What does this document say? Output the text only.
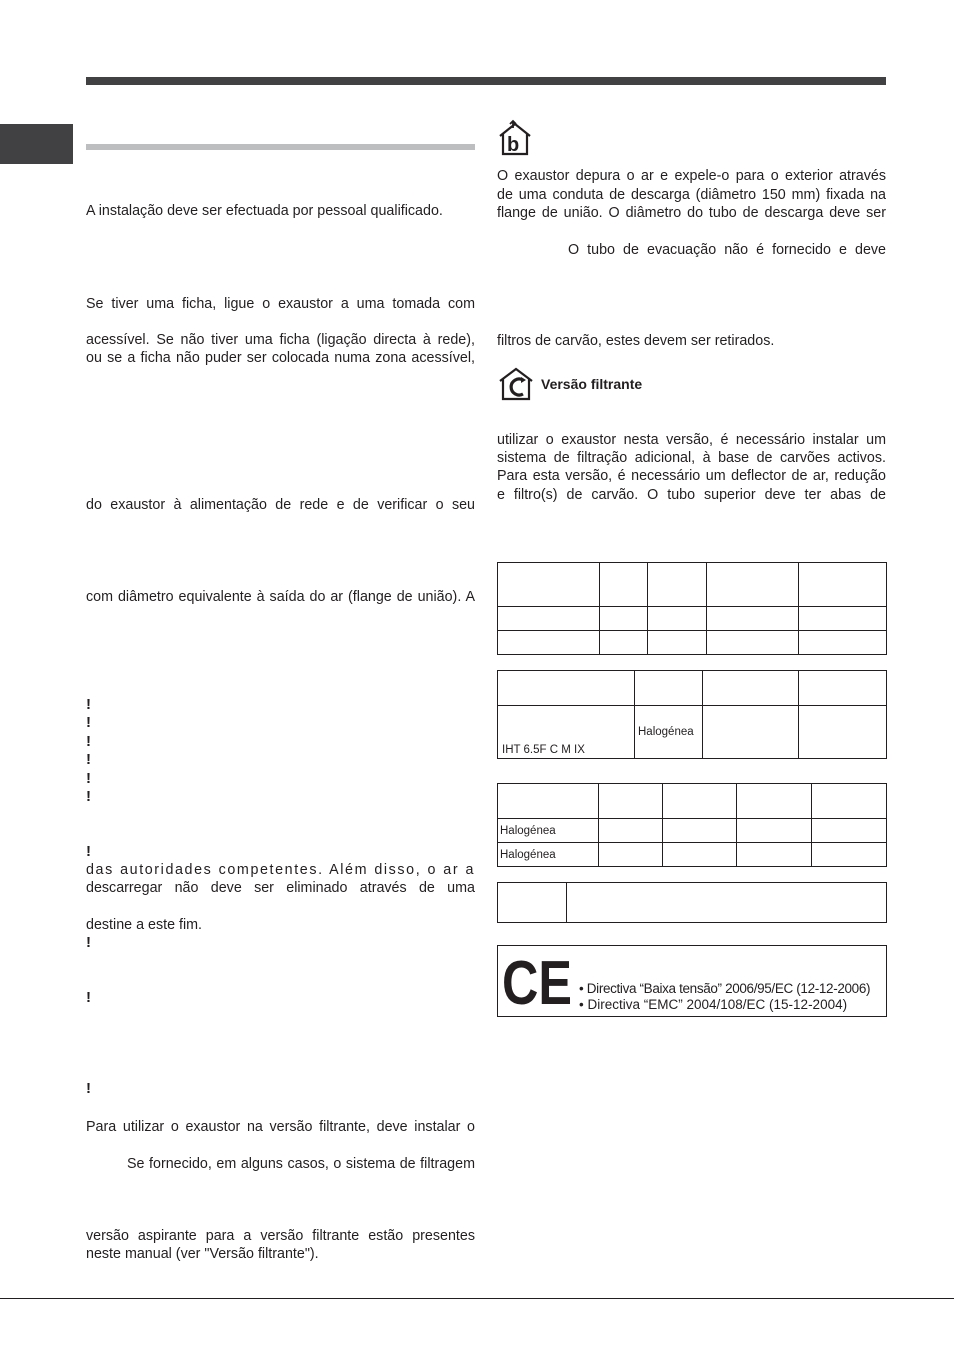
A instalação deve ser efectuada por pessoal qualificado.
Se tiver uma ficha, ligue o exaustor a uma tomada com
acessível. Se não tiver uma ficha (ligação directa à rede),
ou se a ficha não puder ser colocada numa zona acessível,
do exaustor à alimentação de rede e de verificar o seu
com diâmetro equivalente à saída do ar (flange de união). A
!
!
!
!
!
!
!
das autoridades competentes. Além disso, o ar a
descarregar não deve ser eliminado através de uma
destine a este fim.
!
!
!
Para utilizar o exaustor na versão filtrante, deve instalar o
Se fornecido, em alguns casos, o sistema de filtragem
versão aspirante para a versão filtrante estão presentes
neste manual (ver "Versão filtrante").
b
O exaustor depura o ar e expele-o para o exterior através
de uma conduta de descarga (diâmetro 150 mm) fixada na
flange de união. O diâmetro do tubo de descarga deve ser
O tubo de evacuação não é fornecido e deve
filtros de carvão, estes devem ser retirados.
Versão filtrante
utilizar o exaustor nesta versão, é necessário instalar um
sistema de filtração adicional, à base de carvões activos.
Para esta versão, é necessário um deflector de ar, redução
e filtro(s) de carvão. O tubo superior deve ter abas de

IHT 6.5F C M IX	Halogénea		

Halogénea				
Halogénea				

CE • Directiva “Baixa tensão” 2006/95/EC (12-12-2006)
• Directiva “EMC” 2004/108/EC (15-12-2004)
